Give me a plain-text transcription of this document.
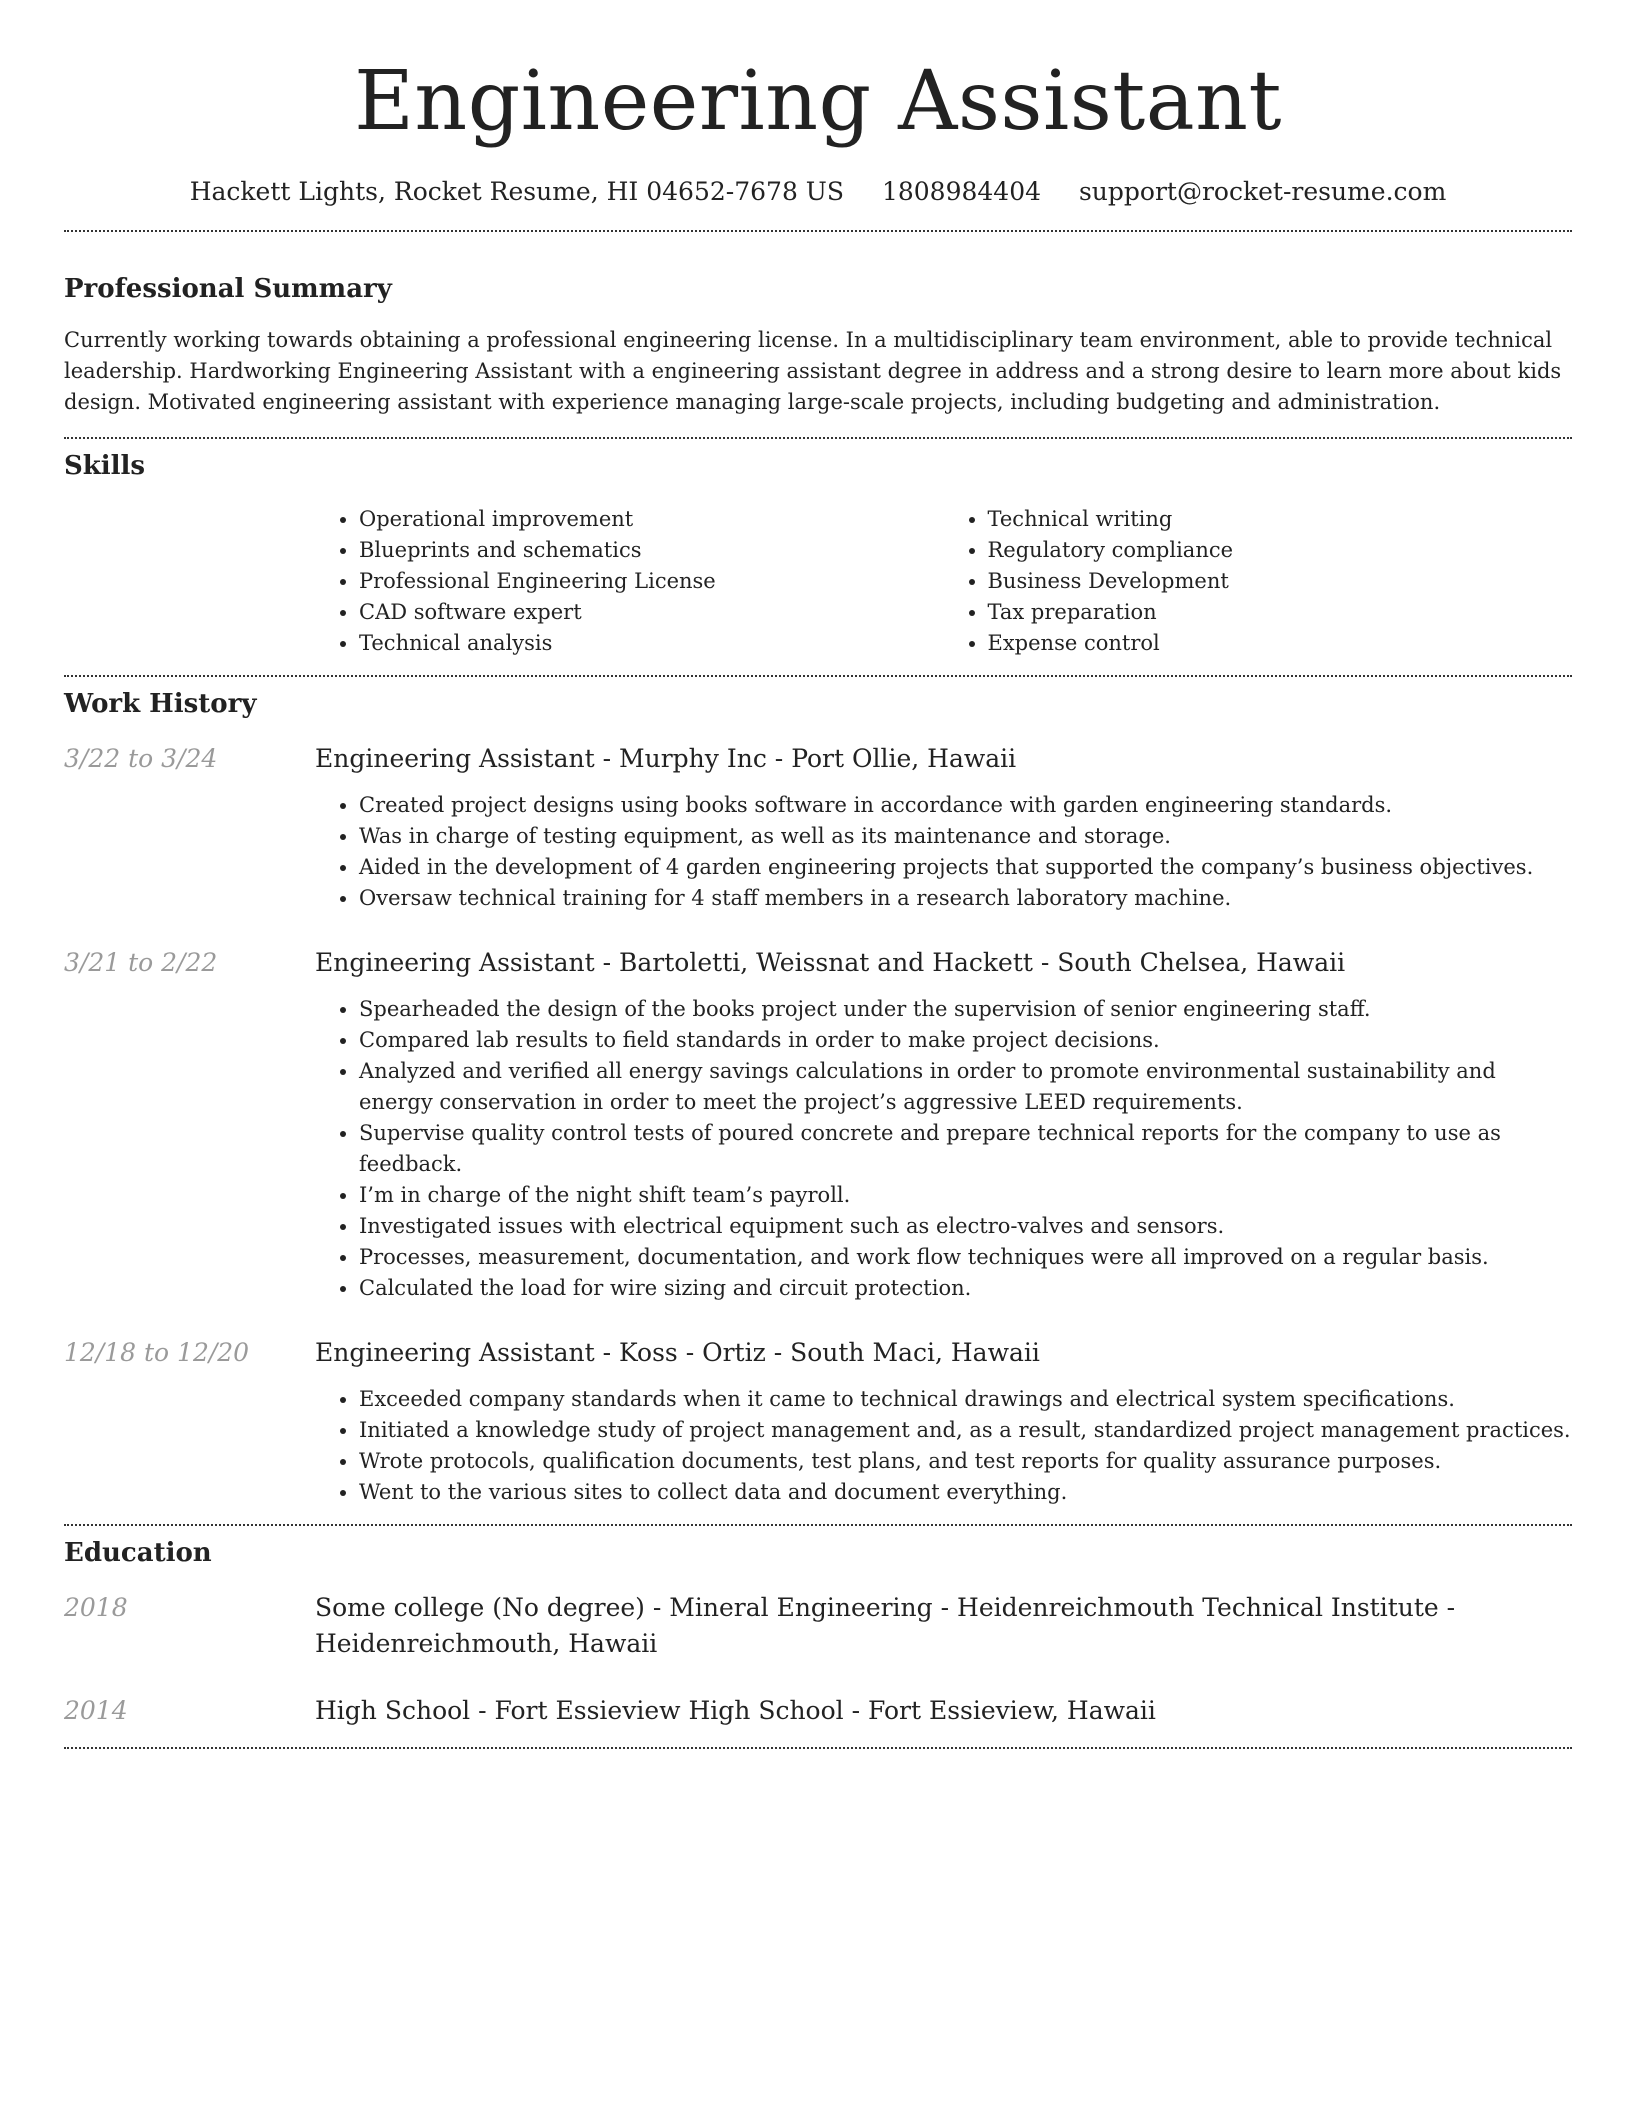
Engineering Assistant
Hackett Lights, Rocket Resume, HI 04652-7678 US 1808984404 support@rocket-resume.com
Professional Summary

Currently working towards obtaining a professional engineering license. In a multidisciplinary team environment, able to provide technical leadership. Hardworking Engineering Assistant with a engineering assistant degree in address and a strong desire to learn more about kids design. Motivated engineering assistant with experience managing large-scale projects, including budgeting and administration.

Skills
• Operational improvement
• Blueprints and schematics
• Professional Engineering License
• CAD software expert
• Technical analysis
• Technical writing
• Regulatory compliance
• Business Development
• Tax preparation
• Expense control
Work History
3/22 to 3/24	Engineering Assistant - Murphy Inc - Port Ollie, Hawaii
• Created project designs using books software in accordance with garden engineering standards.
• Was in charge of testing equipment, as well as its maintenance and storage.
• Aided in the development of 4 garden engineering projects that supported the company’s business objectives.
• Oversaw technical training for 4 staff members in a research laboratory machine.
3/21 to 2/22	Engineering Assistant - Bartoletti, Weissnat and Hackett - South Chelsea, Hawaii
• Spearheaded the design of the books project under the supervision of senior engineering staff.
• Compared lab results to field standards in order to make project decisions.
• Analyzed and verified all energy savings calculations in order to promote environmental sustainability and energy conservation in order to meet the project’s aggressive LEED requirements.
• Supervise quality control tests of poured concrete and prepare technical reports for the company to use as feedback.
• I’m in charge of the night shift team’s payroll.
• Investigated issues with electrical equipment such as electro-valves and sensors.
• Processes, measurement, documentation, and work flow techniques were all improved on a regular basis.
• Calculated the load for wire sizing and circuit protection.
12/18 to 12/20	Engineering Assistant - Koss - Ortiz - South Maci, Hawaii
• Exceeded company standards when it came to technical drawings and electrical system specifications.
• Initiated a knowledge study of project management and, as a result, standardized project management practices.
• Wrote protocols, qualification documents, test plans, and test reports for quality assurance purposes.
• Went to the various sites to collect data and document everything.
Education
2018	Some college (No degree) - Mineral Engineering - Heidenreichmouth Technical Institute - Heidenreichmouth, Hawaii
2014	High School - Fort Essieview High School - Fort Essieview, Hawaii
